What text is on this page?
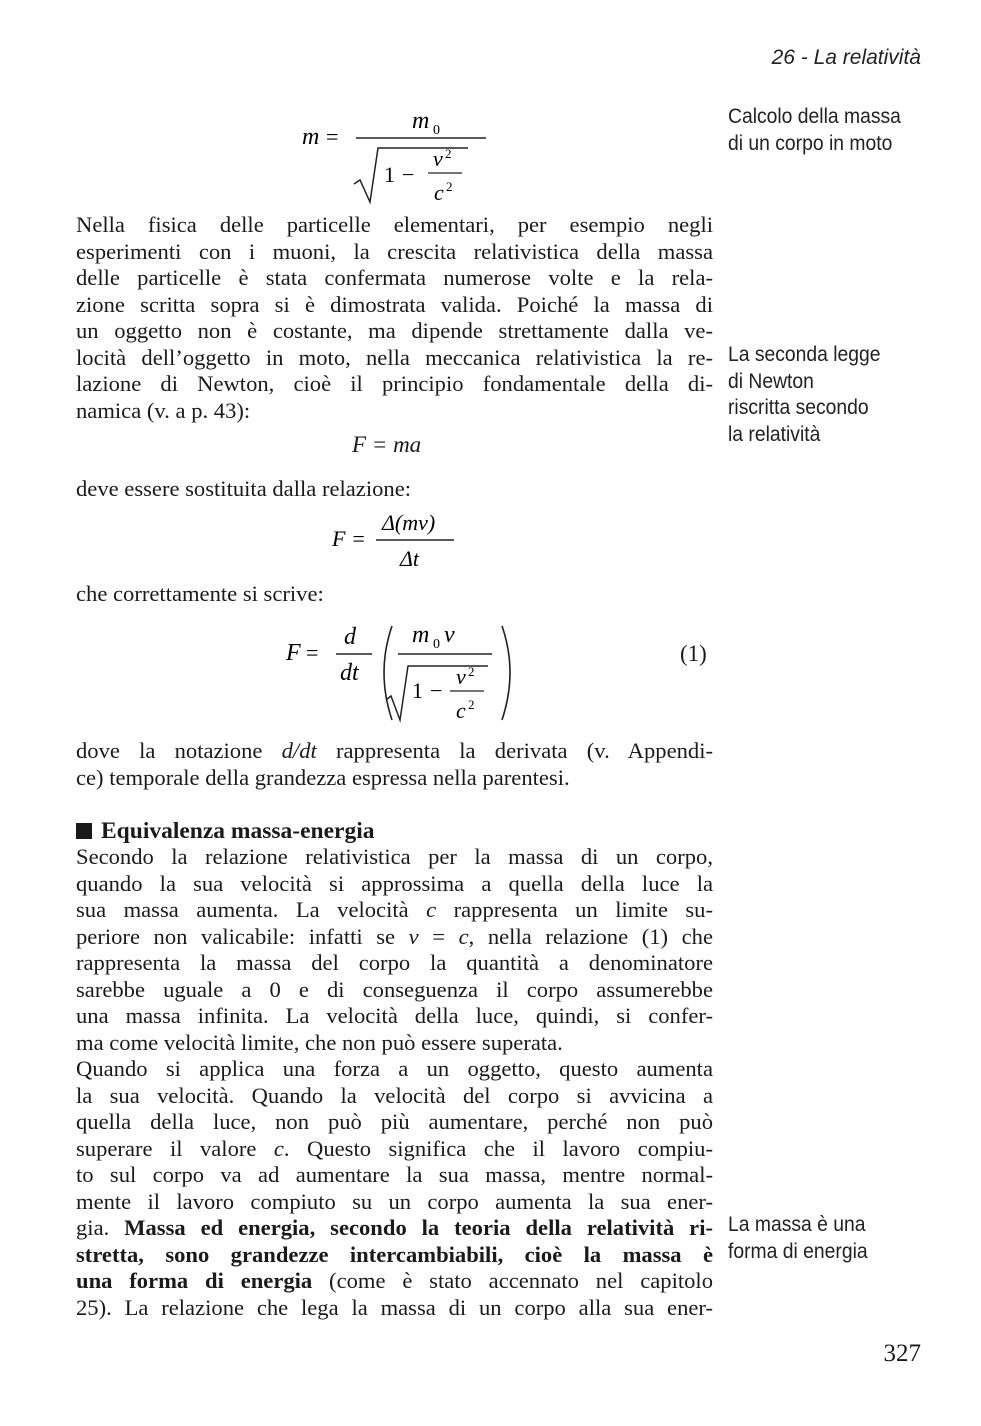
26 - La relatività
Calcolo della massa
di un corpo in moto
La seconda legge
di Newton
riscritta secondo
la relatività
La massa è una
forma di energia
m =
m 0
1 −
v 2
c 2
Nella fisica delle particelle elementari, per esempio negli
esperimenti con i muoni, la crescita relativistica della massa
delle particelle è stata confermata numerose volte e la rela-
zione scritta sopra si è dimostrata valida. Poiché la massa di
un oggetto non è costante, ma dipende strettamente dalla ve-
locità dell’oggetto in moto, nella meccanica relativistica la re-
lazione di Newton, cioè il principio fondamentale della di-
namica (v. a p. 43):
F = ma
deve essere sostituita dalla relazione:
F =
Δ(mv)
Δt
che correttamente si scrive:
F =
d
dt
m 0 v
1 −
v 2
c 2
(1)
dove la notazione d/dt rappresenta la derivata (v. Appendi-
ce) temporale della grandezza espressa nella parentesi.
Equivalenza massa-energia
Secondo la relazione relativistica per la massa di un corpo,
quando la sua velocità si approssima a quella della luce la
sua massa aumenta. La velocità c rappresenta un limite su-
periore non valicabile: infatti se v = c, nella relazione (1) che
rappresenta la massa del corpo la quantità a denominatore
sarebbe uguale a 0 e di conseguenza il corpo assumerebbe
una massa infinita. La velocità della luce, quindi, si confer-
ma come velocità limite, che non può essere superata.
Quando si applica una forza a un oggetto, questo aumenta
la sua velocità. Quando la velocità del corpo si avvicina a
quella della luce, non può più aumentare, perché non può
superare il valore c. Questo significa che il lavoro compiu-
to sul corpo va ad aumentare la sua massa, mentre normal-
mente il lavoro compiuto su un corpo aumenta la sua ener-
gia. Massa ed energia, secondo la teoria della relatività ri-
stretta, sono grandezze intercambiabili, cioè la massa è
una forma di energia (come è stato accennato nel capitolo
25). La relazione che lega la massa di un corpo alla sua ener-
327
